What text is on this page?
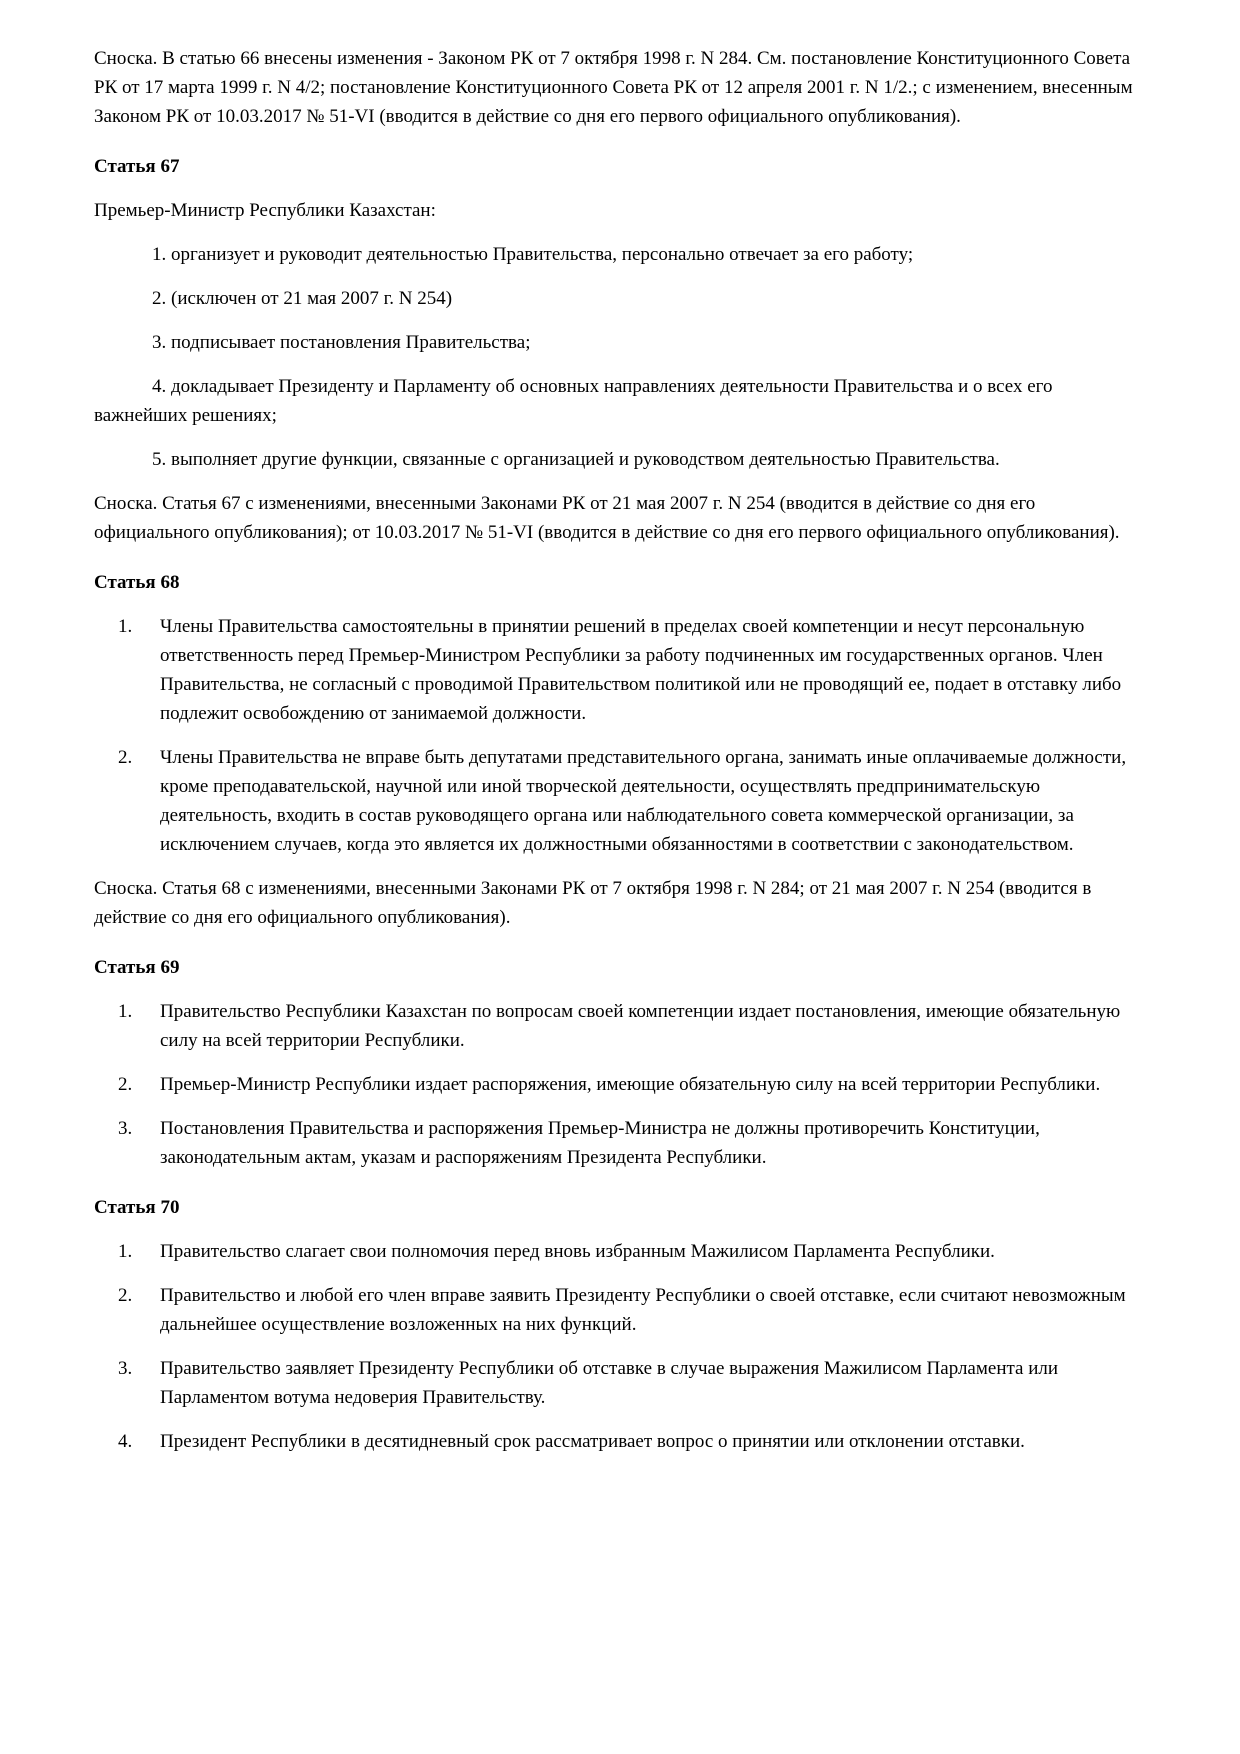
Сноска. В статью 66 внесены изменения - Законом РК от 7 октября 1998 г. N 284. См. постановление Конституционного Совета РК от 17 марта 1999 г. N 4/2; постановление Конституционного Совета РК от 12 апреля 2001 г. N 1/2.; с изменением, внесенным Законом РК от 10.03.2017 № 51-VI (вводится в действие со дня его первого официального опубликования).

Статья 67

Премьер-Министр Республики Казахстан:

1. организует и руководит деятельностью Правительства, персонально отвечает за его работу;

2. (исключен от 21 мая 2007 г. N 254)

3. подписывает постановления Правительства;

4. докладывает Президенту и Парламенту об основных направлениях деятельности Правительства и о всех его важнейших решениях;

5. выполняет другие функции, связанные с организацией и руководством деятельностью Правительства.

Сноска. Статья 67 с изменениями, внесенными Законами РК от 21 мая 2007 г. N 254 (вводится в действие со дня его официального опубликования); от 10.03.2017 № 51-VI (вводится в действие со дня его первого официального опубликования).

Статья 68
1. Члены Правительства самостоятельны в принятии решений в пределах своей компетенции и несут персональную ответственность перед Премьер-Министром Республики за работу подчиненных им государственных органов. Член Правительства, не согласный с проводимой Правительством политикой или не проводящий ее, подает в отставку либо подлежит освобождению от занимаемой должности.
2. Члены Правительства не вправе быть депутатами представительного органа, занимать иные оплачиваемые должности, кроме преподавательской, научной или иной творческой деятельности, осуществлять предпринимательскую деятельность, входить в состав руководящего органа или наблюдательного совета коммерческой организации, за исключением случаев, когда это является их должностными обязанностями в соответствии с законодательством.

Сноска. Статья 68 с изменениями, внесенными Законами РК от 7 октября 1998 г. N 284; от 21 мая 2007 г. N 254 (вводится в действие со дня его официального опубликования).

Статья 69
1. Правительство Республики Казахстан по вопросам своей компетенции издает постановления, имеющие обязательную силу на всей территории Республики.
2. Премьер-Министр Республики издает распоряжения, имеющие обязательную силу на всей территории Республики.
3. Постановления Правительства и распоряжения Премьер-Министра не должны противоречить Конституции, законодательным актам, указам и распоряжениям Президента Республики.
Статья 70
1. Правительство слагает свои полномочия перед вновь избранным Мажилисом Парламента Республики.
2. Правительство и любой его член вправе заявить Президенту Республики о своей отставке, если считают невозможным дальнейшее осуществление возложенных на них функций.
3. Правительство заявляет Президенту Республики об отставке в случае выражения Мажилисом Парламента или Парламентом вотума недоверия Правительству.
4. Президент Республики в десятидневный срок рассматривает вопрос о принятии или отклонении отставки.
